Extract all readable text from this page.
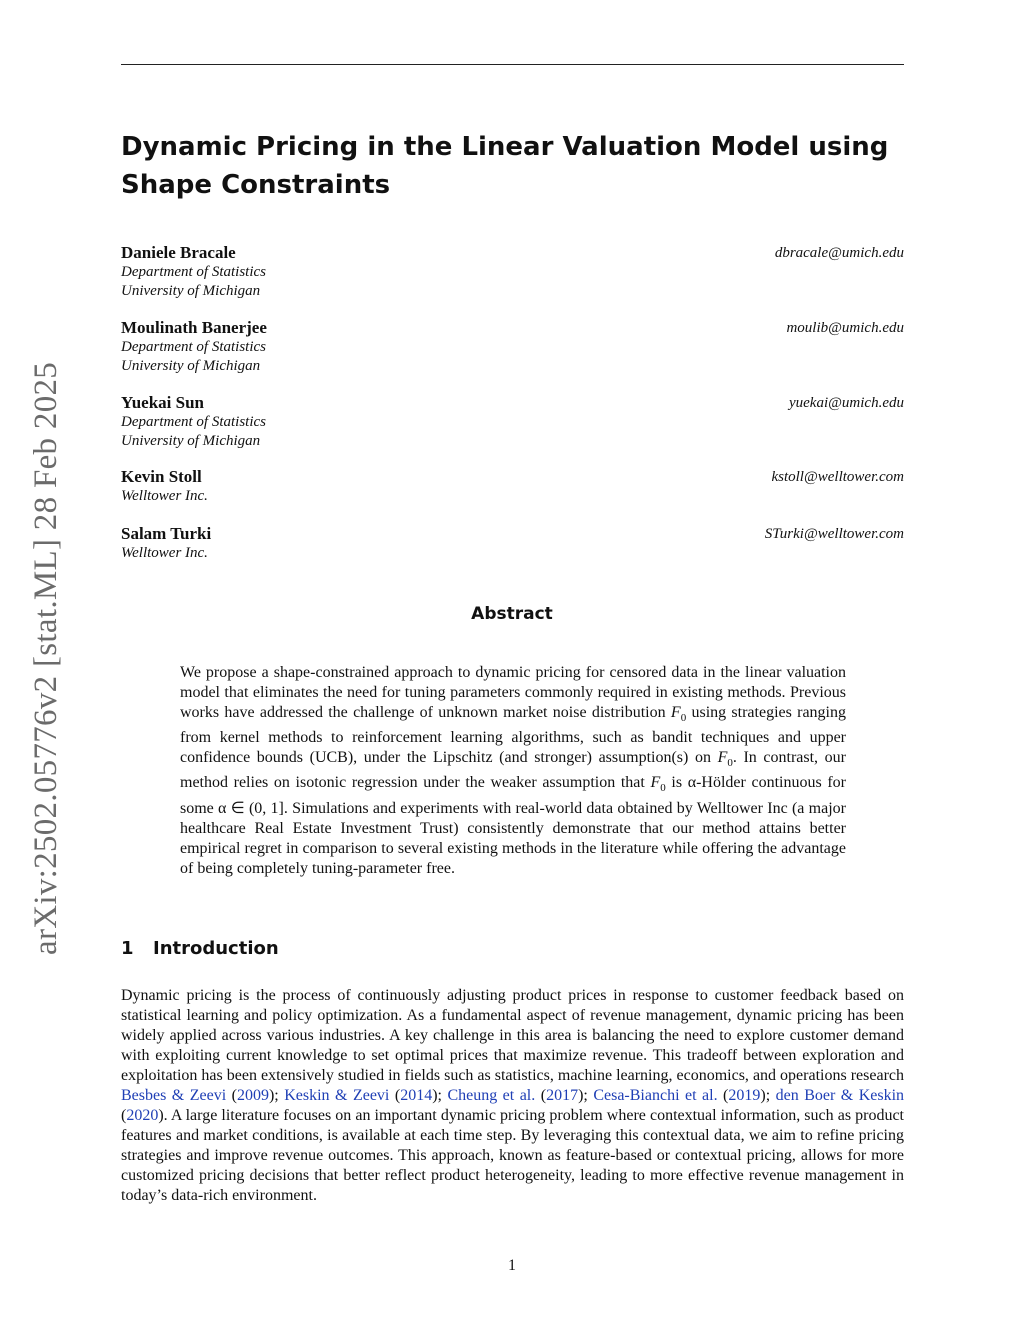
arXiv:2502.05776v2 [stat.ML] 28 Feb 2025
Dynamic Pricing in the Linear Valuation Model using Shape Constraints
Daniele Bracale
Department of Statistics
University of Michigan
dbracale@umich.edu
Moulinath Banerjee
Department of Statistics
University of Michigan
moulib@umich.edu
Yuekai Sun
Department of Statistics
University of Michigan
yuekai@umich.edu
Kevin Stoll
Welltower Inc.
kstoll@welltower.com
Salam Turki
Welltower Inc.
STurki@welltower.com
Abstract

We propose a shape-constrained approach to dynamic pricing for censored data in the linear valuation model that eliminates the need for tuning parameters commonly required in existing methods. Previous works have addressed the challenge of unknown market noise distribution $F_0$ using strategies ranging from kernel methods to reinforcement learning algorithms, such as bandit techniques and upper confidence bounds (UCB), under the Lipschitz (and stronger) assumption(s) on $F_0$. In contrast, our method relies on isotonic regression under the weaker assumption that $F_0$ is α-Hölder continuous for some α ∈ (0, 1]. Simulations and experiments with real-world data obtained by Welltower Inc (a major healthcare Real Estate Investment Trust) consistently demonstrate that our method attains better empirical regret in comparison to several existing methods in the literature while offering the advantage of being completely tuning-parameter free.

1 Introduction

Dynamic pricing is the process of continuously adjusting product prices in response to customer feedback based on statistical learning and policy optimization. As a fundamental aspect of revenue management, dynamic pricing has been widely applied across various industries. A key challenge in this area is balancing the need to explore customer demand with exploiting current knowledge to set optimal prices that maximize revenue. This tradeoff between exploration and exploitation has been extensively studied in fields such as statistics, machine learning, economics, and operations research Besbes & Zeevi (2009); Keskin & Zeevi (2014); Cheung et al. (2017); Cesa-Bianchi et al. (2019); den Boer & Keskin (2020). A large literature focuses on an important dynamic pricing problem where contextual information, such as product features and market conditions, is available at each time step. By leveraging this contextual data, we aim to refine pricing strategies and improve revenue outcomes. This approach, known as feature-based or contextual pricing, allows for more customized pricing decisions that better reflect product heterogeneity, leading to more effective revenue management in today’s data-rich environment.

1
